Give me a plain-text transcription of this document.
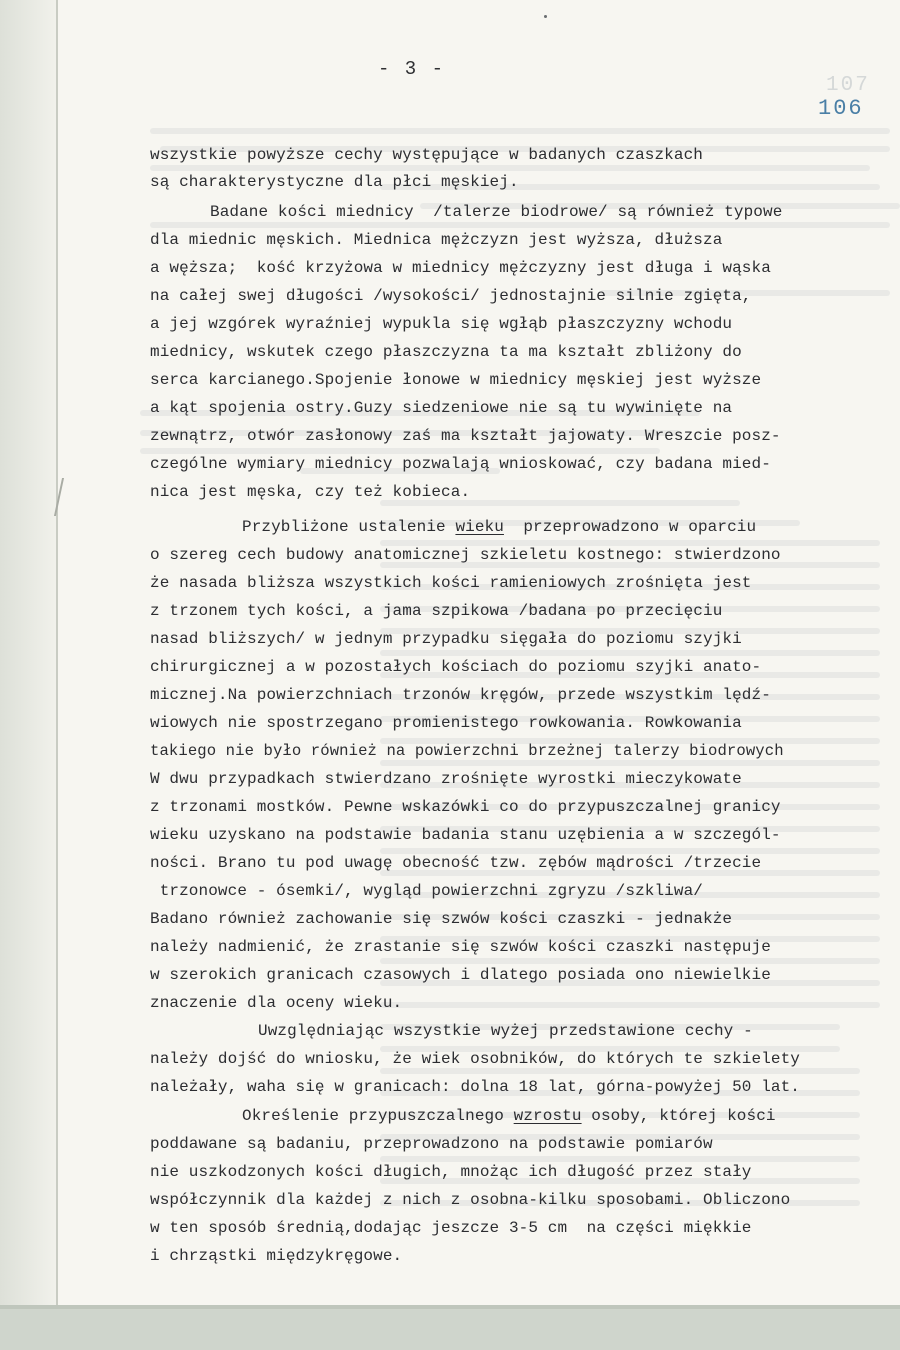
- 3 -
107
106
wszystkie powyższe cechy występujące w badanych czaszkach
są charakterystyczne dla płci męskiej.
Badane kości miednicy  /talerze biodrowe/ są również typowe
dla miednic męskich. Miednica mężczyzn jest wyższa, dłuższa
a węższa;  kość krzyżowa w miednicy mężczyzny jest długa i wąska
na całej swej długości /wysokości/ jednostajnie silnie zgięta,
a jej wzgórek wyraźniej wypukla się wgłąb płaszczyzny wchodu
miednicy, wskutek czego płaszczyzna ta ma kształt zbliżony do
serca karcianego.Spojenie łonowe w miednicy męskiej jest wyższe
a kąt spojenia ostry.Guzy siedzeniowe nie są tu wywinięte na
zewnątrz, otwór zasłonowy zaś ma kształt jajowaty. Wreszcie posz-
czególne wymiary miednicy pozwalają wnioskować, czy badana mied-
nica jest męska, czy też kobieca.
Przybliżone ustalenie wieku  przeprowadzono w oparciu
o szereg cech budowy anatomicznej szkieletu kostnego: stwierdzono
że nasada bliższa wszystkich kości ramieniowych zrośnięta jest
z trzonem tych kości, a jama szpikowa /badana po przecięciu
nasad bliższych/ w jednym przypadku sięgała do poziomu szyjki
chirurgicznej a w pozostałych kościach do poziomu szyjki anato-
micznej.Na powierzchniach trzonów kręgów, przede wszystkim lędź-
wiowych nie spostrzegano promienistego rowkowania. Rowkowania
takiego nie było również na powierzchni brzeżnej talerzy biodrowych
W dwu przypadkach stwierdzano zrośnięte wyrostki mieczykowate
z trzonami mostków. Pewne wskazówki co do przypuszczalnej granicy
wieku uzyskano na podstawie badania stanu uzębienia a w szczegól-
ności. Brano tu pod uwagę obecność tzw. zębów mądrości /trzecie
trzonowce - ósemki/, wygląd powierzchni zgryzu /szkliwa/
Badano również zachowanie się szwów kości czaszki - jednakże
należy nadmienić, że zrastanie się szwów kości czaszki następuje
w szerokich granicach czasowych i dlatego posiada ono niewielkie
znaczenie dla oceny wieku.
Uwzględniając wszystkie wyżej przedstawione cechy -
należy dojść do wniosku, że wiek osobników, do których te szkielety
należały, waha się w granicach: dolna 18 lat, górna-powyżej 50 lat.
Określenie przypuszczalnego wzrostu osoby, której kości
poddawane są badaniu, przeprowadzono na podstawie pomiarów
nie uszkodzonych kości długich, mnożąc ich długość przez stały
współczynnik dla każdej z nich z osobna-kilku sposobami. Obliczono
w ten sposób średnią,dodając jeszcze 3-5 cm  na części miękkie
i chrząstki międzykręgowe.
